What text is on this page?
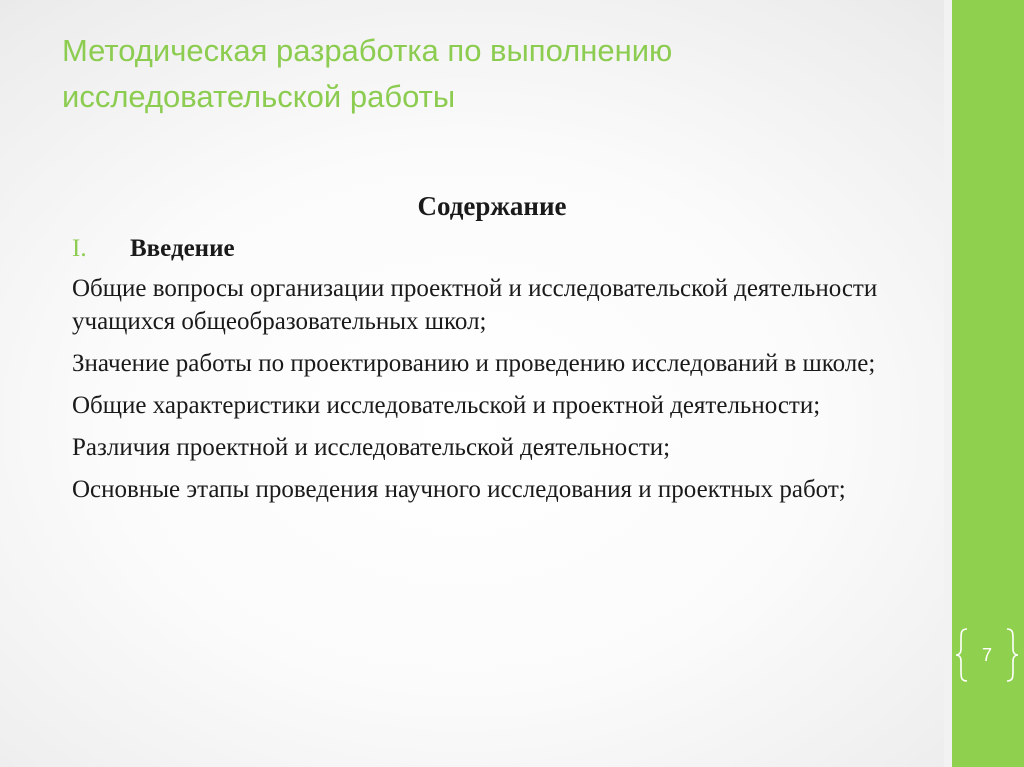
Методическая разработка по выполнению исследовательской работы

Содержание

I.	Введение
Общие вопросы организации проектной и исследовательской деятельности учащихся общеобразовательных школ;
Значение работы по проектированию и проведению исследований в школе;
Общие характеристики исследовательской и проектной деятельности;
Различия проектной и исследовательской деятельности;
Основные этапы проведения научного исследования и проектных работ;
7
